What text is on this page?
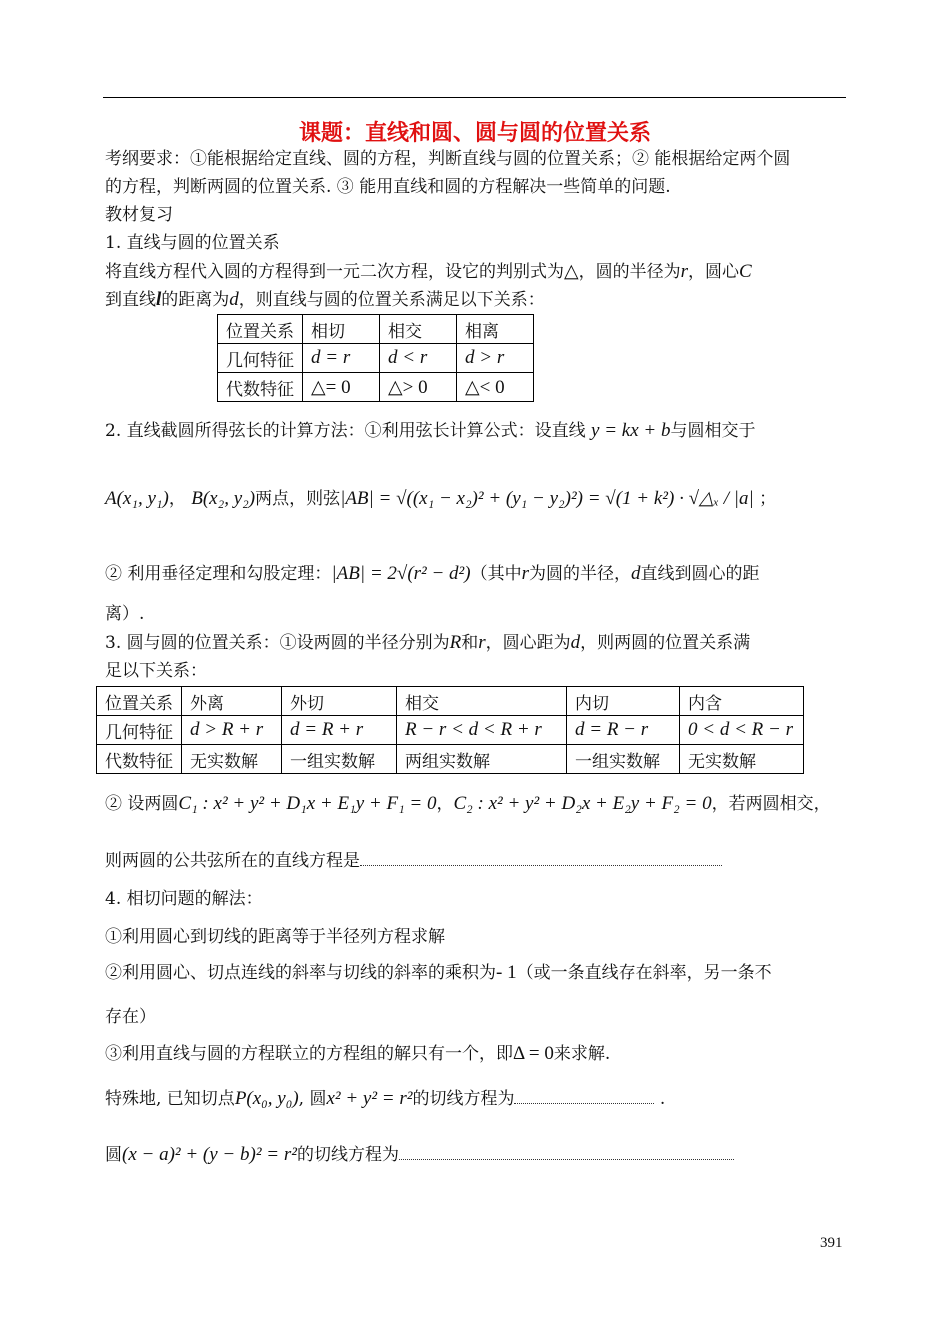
课题：直线和圆、圆与圆的位置关系
考纲要求：①能根据给定直线、圆的方程，判断直线与圆的位置关系；② 能根据给定两个圆
的方程，判断两圆的位置关系. ③ 能用直线和圆的方程解决一些简单的问题.
教材复习
1. 直线与圆的位置关系
将直线方程代入圆的方程得到一元二次方程，设它的判别式为△，圆的半径为r，圆心C
到直线l的距离为d，则直线与圆的位置关系满足以下关系：
位置关系	相切	相交	相离
几何特征	d = r	d < r	d > r
代数特征	△= 0	△> 0	△< 0
2. 直线截圆所得弦长的计算方法：①利用弦长计算公式：设直线 y = kx + b与圆相交于
A(x₁, y₁)， B(x₂, y₂)两点，则弦|AB| = √((x₁ − x₂)² + (y₁ − y₂)²) = √(1 + k²) · √△ₓ / |a| ；
② 利用垂径定理和勾股定理：|AB| = 2√(r² − d²)（其中r为圆的半径，d直线到圆心的距
离）.
3. 圆与圆的位置关系：①设两圆的半径分别为R和r，圆心距为d，则两圆的位置关系满
足以下关系：
位置关系	外离	外切	相交	内切	内含
几何特征	d > R + r	d = R + r	R − r < d < R + r	d = R − r	0 < d < R − r
代数特征	无实数解	一组实数解	两组实数解	一组实数解	无实数解
② 设两圆C₁ : x² + y² + D₁x + E₁y + F₁ = 0，C₂ : x² + y² + D₂x + E₂y + F₂ = 0，若两圆相交，
则两圆的公共弦所在的直线方程是
4. 相切问题的解法：
①利用圆心到切线的距离等于半径列方程求解
②利用圆心、切点连线的斜率与切线的斜率的乘积为- 1（或一条直线存在斜率，另一条不
存在）
③利用直线与圆的方程联立的方程组的解只有一个，即Δ = 0来求解.
特殊地, 已知切点P(x₀, y₀), 圆x² + y² = r²的切线方程为	.
圆(x − a)² + (y − b)² = r²的切线方程为
391
